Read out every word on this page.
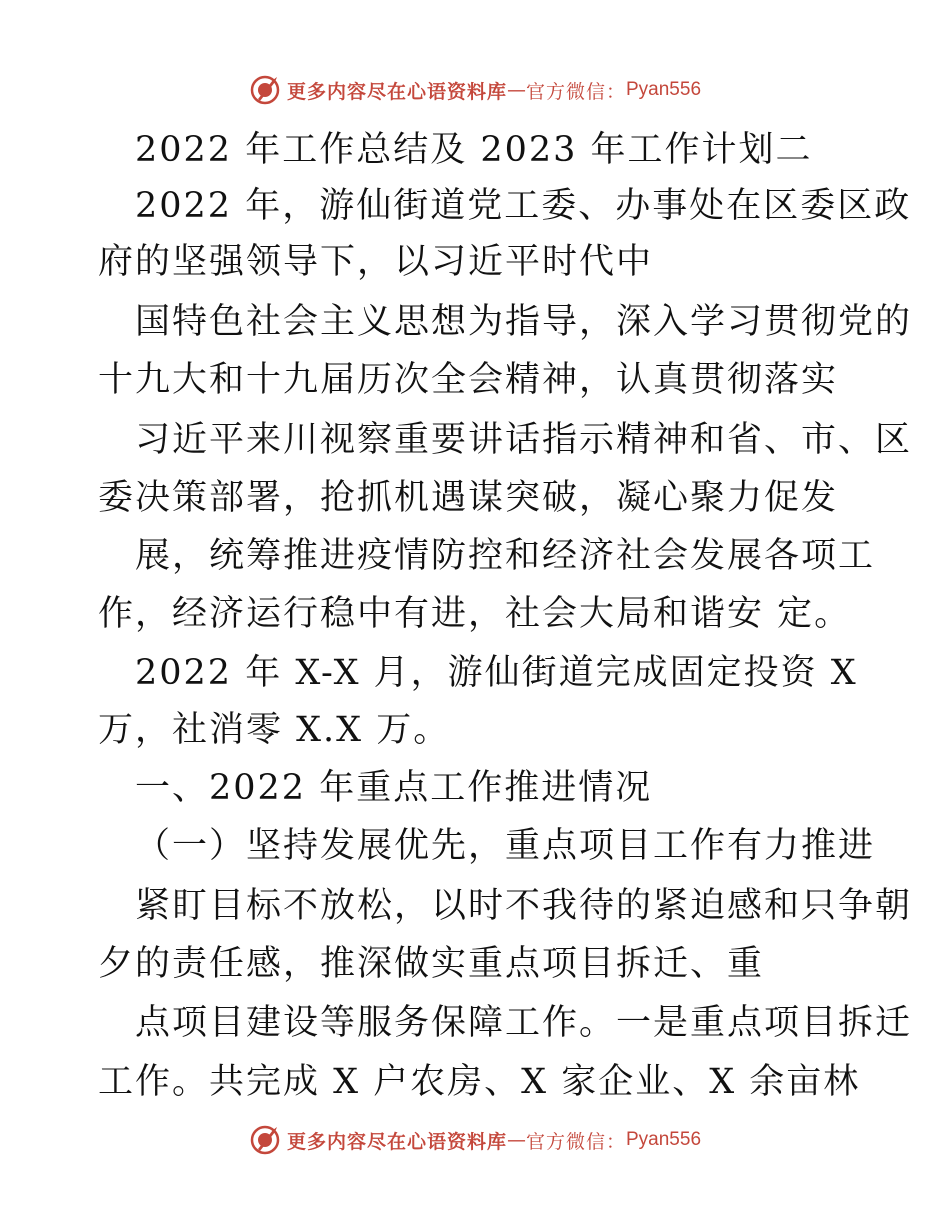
更多内容尽在心语资料库 — 官方微信： Pyan556
2022 年工作总结及 2023 年工作计划二
2022 年，游仙街道党工委、办事处在区委区政
府的坚强领导下，以习近平时代中
国特色社会主义思想为指导，深入学习贯彻党的
十九大和十九届历次全会精神，认真贯彻落实
习近平来川视察重要讲话指示精神和省、市、区
委决策部署，抢抓机遇谋突破，凝心聚力促发
展，统筹推进疫情防控和经济社会发展各项工
作，经济运行稳中有进，社会大局和谐安 定。
2022 年 X-X 月，游仙街道完成固定投资 X
万，社消零 X.X 万。
一、2022 年重点工作推进情况
（一）坚持发展优先，重点项目工作有力推进
紧盯目标不放松，以时不我待的紧迫感和只争朝
夕的责任感，推深做实重点项目拆迁、重
点项目建设等服务保障工作。一是重点项目拆迁
工作。共完成 X 户农房、X 家企业、X 余亩林
更多内容尽在心语资料库 — 官方微信： Pyan556
